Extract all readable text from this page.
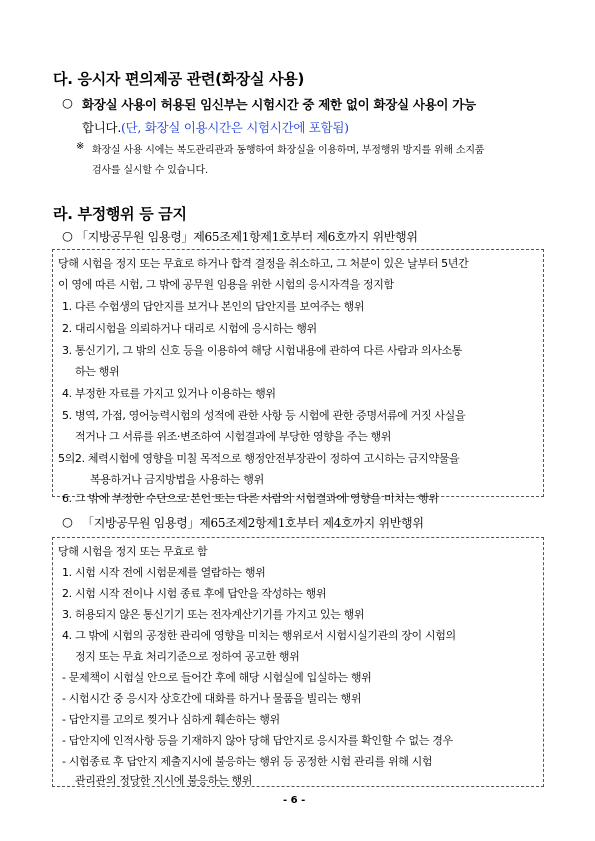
다. 응시자 편의제공 관련(화장실 사용)
○ 화장실 사용이 허용된 임신부는 시험시간 중 제한 없이 화장실 사용이 가능
합니다.(단, 화장실 이용시간은 시험시간에 포함됨)
※ 화장실 사용 시에는 복도관리관과 동행하여 화장실을 이용하며, 부정행위 방지를 위해 소지품
검사를 실시할 수 있습니다.
라. 부정행위 등 금지
○ 「지방공무원 임용령」제65조제1항제1호부터 제6호까지 위반행위
당해 시험을 정지 또는 무효로 하거나 합격 결정을 취소하고, 그 처분이 있은 날부터 5년간
이 영에 따른 시험, 그 밖에 공무원 임용을 위한 시험의 응시자격을 정지함
1. 다른 수험생의 답안지를 보거나 본인의 답안지를 보여주는 행위
2. 대리시험을 의뢰하거나 대리로 시험에 응시하는 행위
3. 통신기기, 그 밖의 신호 등을 이용하여 해당 시험내용에 관하여 다른 사람과 의사소통
하는 행위
4. 부정한 자료를 가지고 있거나 이용하는 행위
5. 병역, 가점, 영어능력시험의 성적에 관한 사항 등 시험에 관한 증명서류에 거짓 사실을
적거나 그 서류를 위조·변조하여 시험결과에 부당한 영향을 주는 행위
5의2. 체력시험에 영향을 미칠 목적으로 행정안전부장관이 정하여 고시하는 금지약물을
복용하거나 금지방법을 사용하는 행위
6. 그 밖에 부정한 수단으로 본인 또는 다른 사람의 시험결과에 영향을 미치는 행위
○ 「지방공무원 임용령」제65조제2항제1호부터 제4호까지 위반행위
당해 시험을 정지 또는 무효로 함
1. 시험 시작 전에 시험문제를 열람하는 행위
2. 시험 시작 전이나 시험 종료 후에 답안을 작성하는 행위
3. 허용되지 않은 통신기기 또는 전자계산기기를 가지고 있는 행위
4. 그 밖에 시험의 공정한 관리에 영향을 미치는 행위로서 시험시실기관의 장이 시험의
정지 또는 무효 처리기준으로 정하여 공고한 행위
- 문제책이 시험실 안으로 들어간 후에 해당 시험실에 입실하는 행위
- 시험시간 중 응시자 상호간에 대화를 하거나 물품을 빌리는 행위
- 답안지를 고의로 찢거나 심하게 훼손하는 행위
- 답안지에 인적사항 등을 기재하지 않아 당해 답안지로 응시자를 확인할 수 없는 경우
- 시험종료 후 답안지 제출지시에 불응하는 행위 등 공정한 시험 관리를 위해 시험
관리관의 정당한 지시에 불응하는 행위
- 6 -
